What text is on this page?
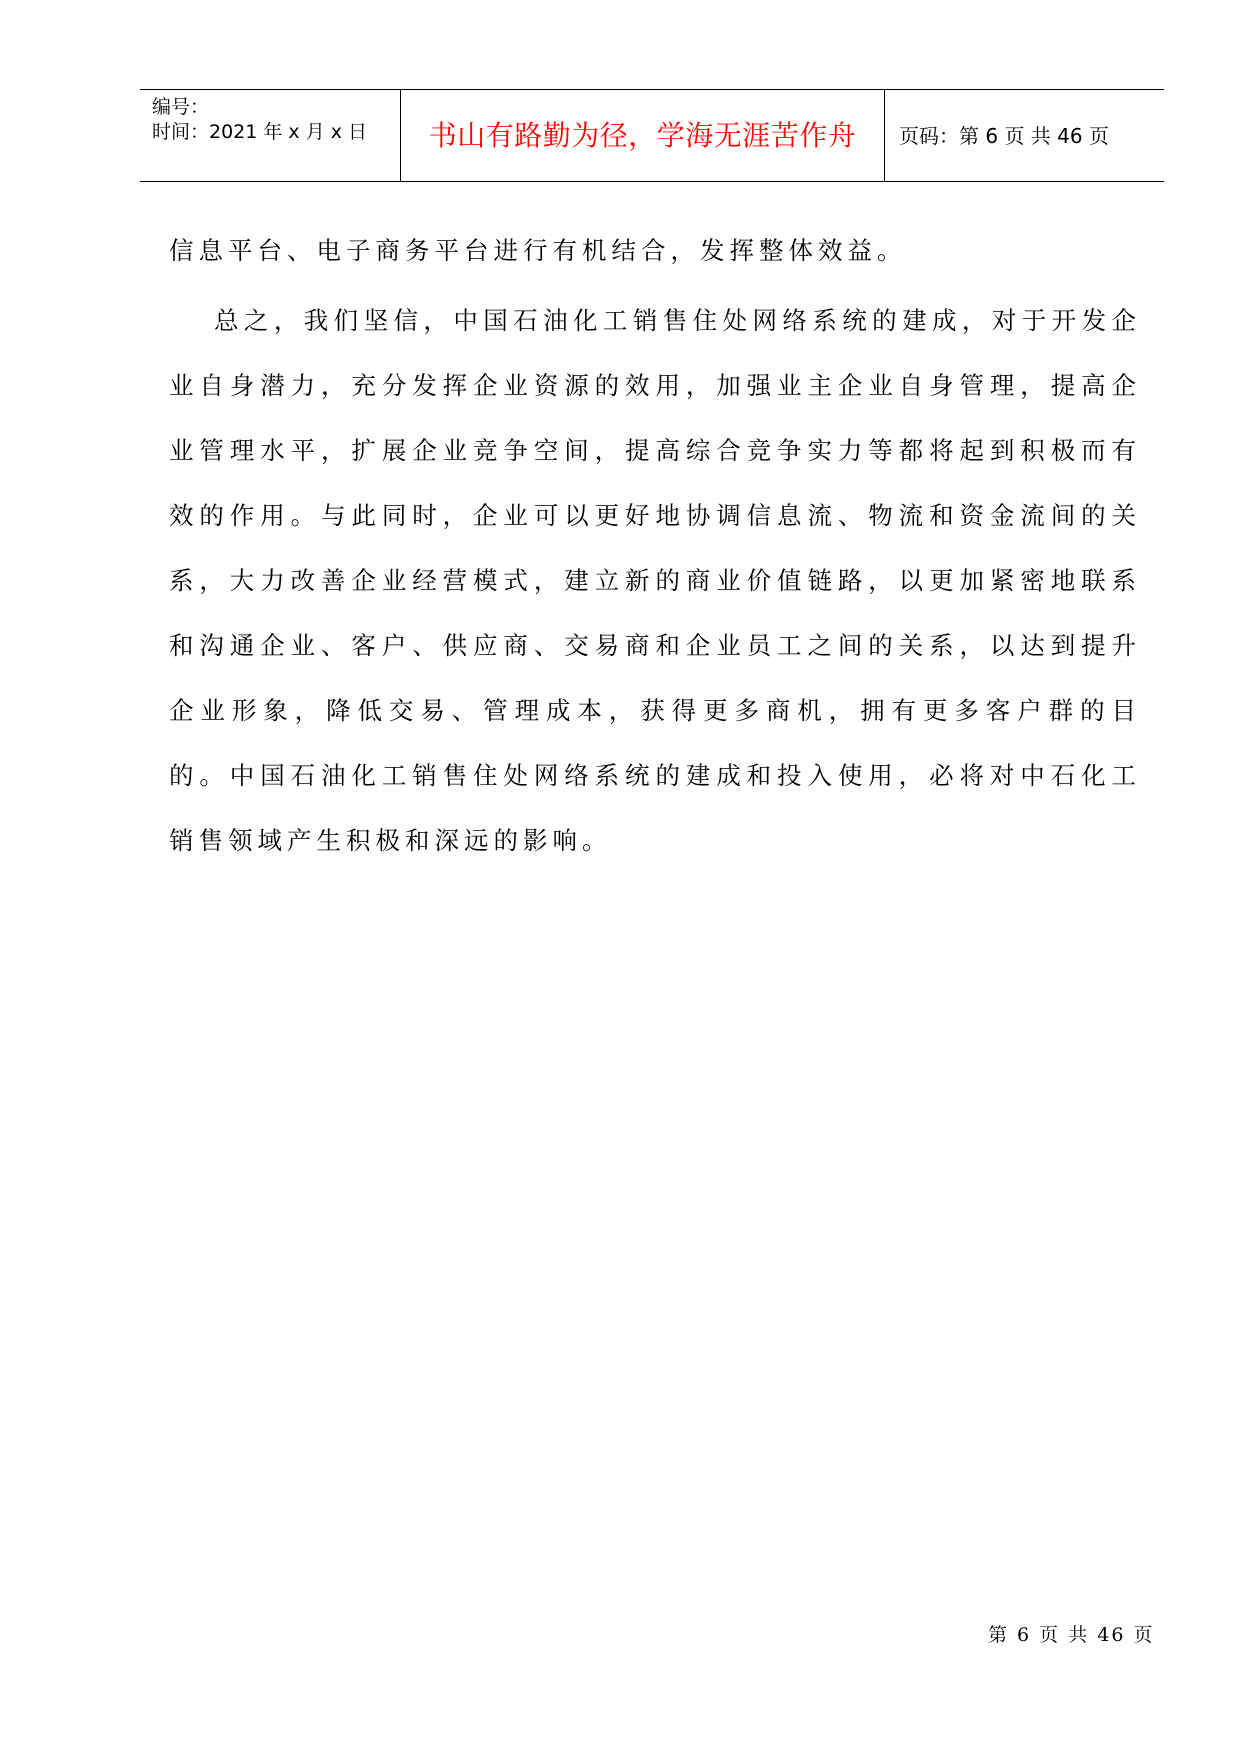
编号：
时间：2021 年 x 月 x 日 书山有路勤为径，学海无涯苦作舟	页码：第 6 页 共 46 页

信息平台、电子商务平台进行有机结合，发挥整体效益。

总之，我们坚信，中国石油化工销售住处网络系统的建成，对于开发企业自身潜力，充分发挥企业资源的效用，加强业主企业自身管理，提高企业管理水平，扩展企业竞争空间，提高综合竞争实力等都将起到积极而有效的作用。与此同时，企业可以更好地协调信息流、物流和资金流间的关系，大力改善企业经营模式，建立新的商业价值链路，以更加紧密地联系和沟通企业、客户、供应商、交易商和企业员工之间的关系，以达到提升企业形象，降低交易、管理成本，获得更多商机，拥有更多客户群的目的。中国石油化工销售住处网络系统的建成和投入使用，必将对中石化工销售领域产生积极和深远的影响。

第 6 页 共 46 页
